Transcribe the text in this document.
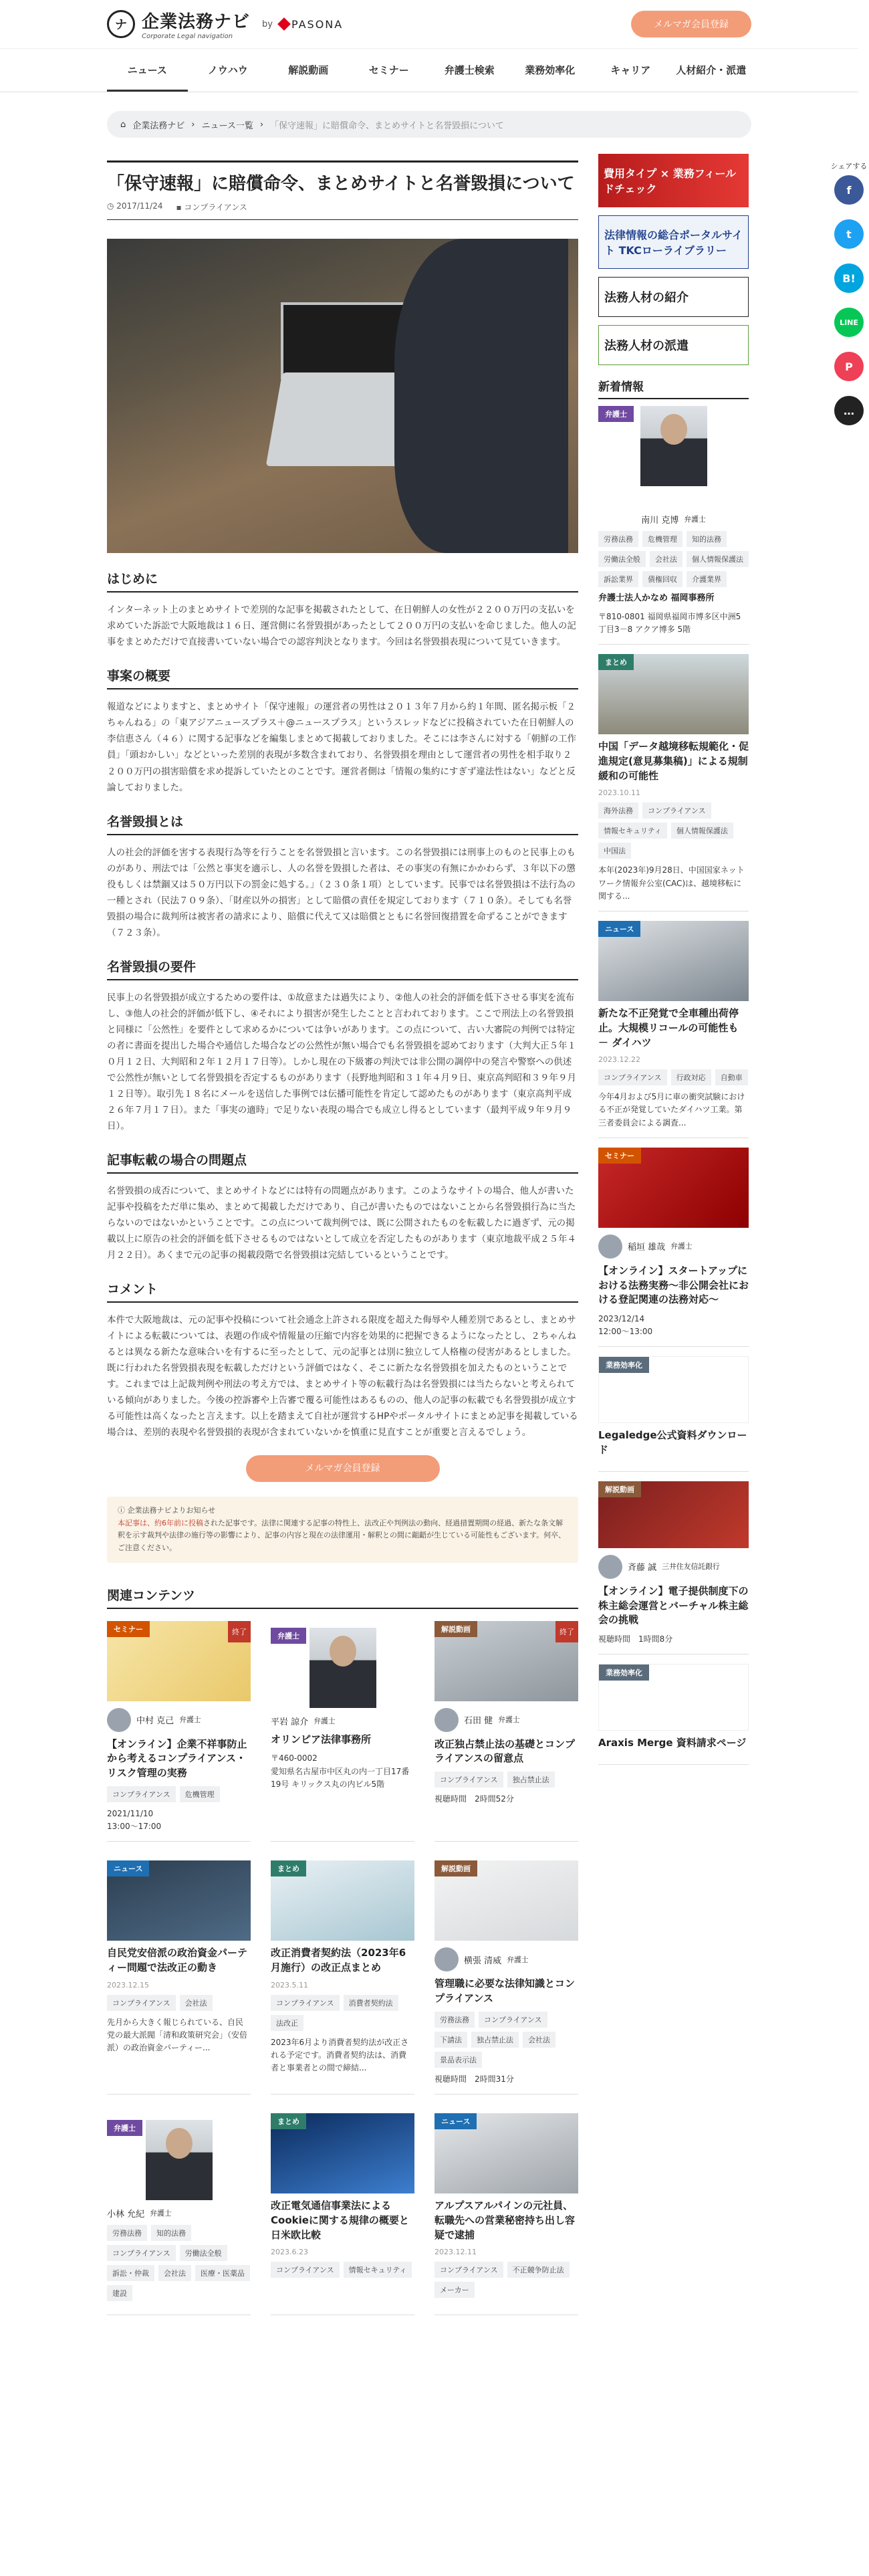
ナ 企業法務ナビ
Corporate Legal navigation
by PASONA	メルマガ会員登録
ニュース	ノウハウ	解説動画	セミナー	弁護士検索	業務効率化	キャリア	人材紹介・派遣
⌂ 企業法務ナビ › ニュース一覧 › 「保守速報」に賠償命令、まとめサイトと名誉毀損について
「保守速報」に賠償命令、まとめサイトと名誉毀損について
◷ 2017/11/24 ▪ コンプライアンス
はじめに

インターネット上のまとめサイトで差別的な記事を掲載されたとして、在日朝鮮人の女性が２２００万円の支払いを求めていた訴訟で大阪地裁は１６日、運営側に名誉毀損があったとして２００万円の支払いを命じました。他人の記事をまとめただけで直接書いていない場合での認容判決となります。今回は名誉毀損表現について見ていきます。

事案の概要

報道などによりますと、まとめサイト「保守速報」の運営者の男性は２０１３年７月から約１年間、匿名掲示板「２ちゃんねる」の「東アジアニュースプラス＋@ニュースプラス」というスレッドなどに投稿されていた在日朝鮮人の李信恵さん（４６）に関する記事などを編集しまとめて掲載しておりました。そこには李さんに対する「朝鮮の工作員」「頭おかしい」などといった差別的表現が多数含まれており、名誉毀損を理由として運営者の男性を相手取り２２００万円の損害賠償を求め提訴していたとのことです。運営者側は「情報の集約にすぎず違法性はない」などと反論しておりました。

名誉毀損とは

人の社会的評価を害する表現行為等を行うことを名誉毀損と言います。この名誉毀損には刑事上のものと民事上のものがあり、刑法では「公然と事実を適示し、人の名誉を毀損した者は、その事実の有無にかかわらず、３年以下の懲役もしくは禁錮又は５０万円以下の罰金に処する。」（２３０条１項）としています。民事では名誉毀損は不法行為の一種とされ（民法７０９条）、「財産以外の損害」として賠償の責任を規定しております（７１０条）。そしても名誉毀損の場合に裁判所は被害者の請求により、賠償に代えて又は賠償とともに名誉回復措置を命ずることができます（７２３条）。

名誉毀損の要件

民事上の名誉毀損が成立するための要件は、①故意または過失により、②他人の社会的評価を低下させる事実を流布し、③他人の社会的評価が低下し、④それにより損害が発生したことと言われております。ここで刑法上の名誉毀損と同様に「公然性」を要件として求めるかについては争いがあります。この点について、古い大審院の判例では特定の者に書面を提出した場合や通信した場合などの公然性が無い場合でも名誉毀損を認めております（大判大正５年１０月１２日、大判昭和２年１２月１７日等）。しかし現在の下級審の判決では非公開の調停中の発言や警察への供述で公然性が無いとして名誉毀損を否定するものがあります（長野地判昭和３１年４月９日、東京高判昭和３９年９月１２日等）。取引先１８名にメールを送信した事例では伝播可能性を肯定して認めたものがあります（東京高判平成２６年７月１７日）。また「事実の適時」で足りない表現の場合でも成立し得るとしています（最判平成９年９月９日）。

記事転載の場合の問題点

名誉毀損の成否について、まとめサイトなどには特有の問題点があります。このようなサイトの場合、他人が書いた記事や投稿をただ単に集め、まとめて掲載しただけであり、自己が書いたものではないことから名誉毀損行為に当たらないのではないかということです。この点について裁判例では、既に公開されたものを転載したに過ぎず、元の掲載以上に原告の社会的評価を低下させるものではないとして成立を否定したものがあります（東京地裁平成２５年４月２２日）。あくまで元の記事の掲載段階で名誉毀損は完結しているということです。

コメント

本件で大阪地裁は、元の記事や投稿について社会通念上許される限度を超えた侮辱や人種差別であるとし、まとめサイトによる転載については、表題の作成や情報量の圧縮で内容を効果的に把握できるようになったとし、２ちゃんねるとは異なる新たな意味合いを有するに至ったとして、元の記事とは別に独立して人格権の侵害があるとしました。既に行われた名誉毀損表現を転載しただけという評価ではなく、そこに新たな名誉毀損を加えたものということです。これまでは上記裁判例や刑法の考え方では、まとめサイト等の転載行為は名誉毀損には当たらないと考えられている傾向がありました。今後の控訴審や上告審で覆る可能性はあるものの、他人の記事の転載でも名誉毀損が成立する可能性は高くなったと言えます。以上を踏まえて自社が運営するHPやポータルサイトにまとめ記事を掲載している場合は、差別的表現や名誉毀損的表現が含まれていないかを慎重に見直すことが重要と言えるでしょう。

メルマガ会員登録
ⓘ 企業法務ナビよりお知らせ
本記事は、約6年前に投稿された記事です。法律に関連する記事の特性上、法改正や判例法の動向、経過措置期間の経過、新たな条文解釈を示す裁判や法律の施行等の影響により、記事の内容と現在の法律運用・解釈との間に齟齬が生じている可能性もございます。何卒、ご注意ください。
関連コンテンツ
セミナー	終了
中村 克己 弁護士
【オンライン】企業不祥事防止から考えるコンプライアンス・リスク管理の実務
コンプライアンス	危機管理
2021/11/10
13:00〜17:00
弁護士
平岩 諒介 弁護士
オリンピア法律事務所
〒460-0002
愛知県名古屋市中区丸の内一丁目17番19号 キリックス丸の内ビル5階
解説動画	終了
石田 健 弁護士
改正独占禁止法の基礎とコンプライアンスの留意点
コンプライアンス	独占禁止法
視聴時間　2時間52分
ニュース
自民党安倍派の政治資金パーティー問題で法改正の動き
2023.12.15
コンプライアンス	会社法
先月から大きく報じられている、自民党の最大派閥「清和政策研究会」（安倍派）の政治資金パーティー...
まとめ
改正消費者契約法（2023年6月施行）の改正点まとめ
2023.5.11
コンプライアンス	消費者契約法
法改正
2023年6月より消費者契約法が改正される予定です。消費者契約法は、消費者と事業者との間で締結...
解説動画
横張 清威 弁護士
管理職に必要な法律知識とコンプライアンス
労務法務	コンプライアンス
下請法	独占禁止法	会社法
景品表示法
視聴時間　2時間31分
弁護士
小林 允紀 弁護士
労務法務	知的法務
コンプライアンス	労働法全般
訴訟・仲裁	会社法	医療・医薬品
建設
まとめ
改正電気通信事業法によるCookieに関する規律の概要と日米欧比較
2023.6.23
コンプライアンス	情報セキュリティ
ニュース
アルプスアルパインの元社員、転職先への営業秘密持ち出し容疑で逮捕
2023.12.11
コンプライアンス	不正競争防止法
メーカー
費用タイプ × 業務フィールドチェック
法律情報の総合ポータルサイト TKCローライブラリー
法務人材の紹介
法務人材の派遣
新着情報
弁護士
南川 克博 弁護士
労務法務	危機管理	知的法務
労働法全般	会社法	個人情報保護法
訴訟業界	債権回収	介護業界
弁護士法人かなめ 福岡事務所
〒810-0801 福岡県福岡市博多区中洲5丁目3－8 アクア博多 5階
まとめ
中国「データ越境移転規範化・促進規定(意見募集稿)」による規制緩和の可能性
2023.10.11
海外法務	コンプライアンス
情報セキュリティ	個人情報保護法
中国法
本年(2023年)9月28日、中国国家ネットワーク情報弁公室(CAC)は、越境移転に関する...
ニュース
新たな不正発覚で全車種出荷停止。大規模リコールの可能性も － ダイハツ
2023.12.22
コンプライアンス	行政対応	自動車
今年4月および5月に車の衝突試験における不正が発覚していたダイハツ工業。第三者委員会による調査...
セミナー
稲垣 雄哉 弁護士
【オンライン】スタートアップにおける法務実務～非公開会社における登記関連の法務対応～
2023/12/14
12:00〜13:00
業務効率化
Legaledge公式資料ダウンロード
解説動画
斉藤 誠 三井住友信託銀行
【オンライン】電子提供制度下の株主総会運営とバーチャル株主総会の挑戦
視聴時間　1時間8分
業務効率化
Araxis Merge 資料請求ページ
シェアする
f
t
B!
LINE
P
…
